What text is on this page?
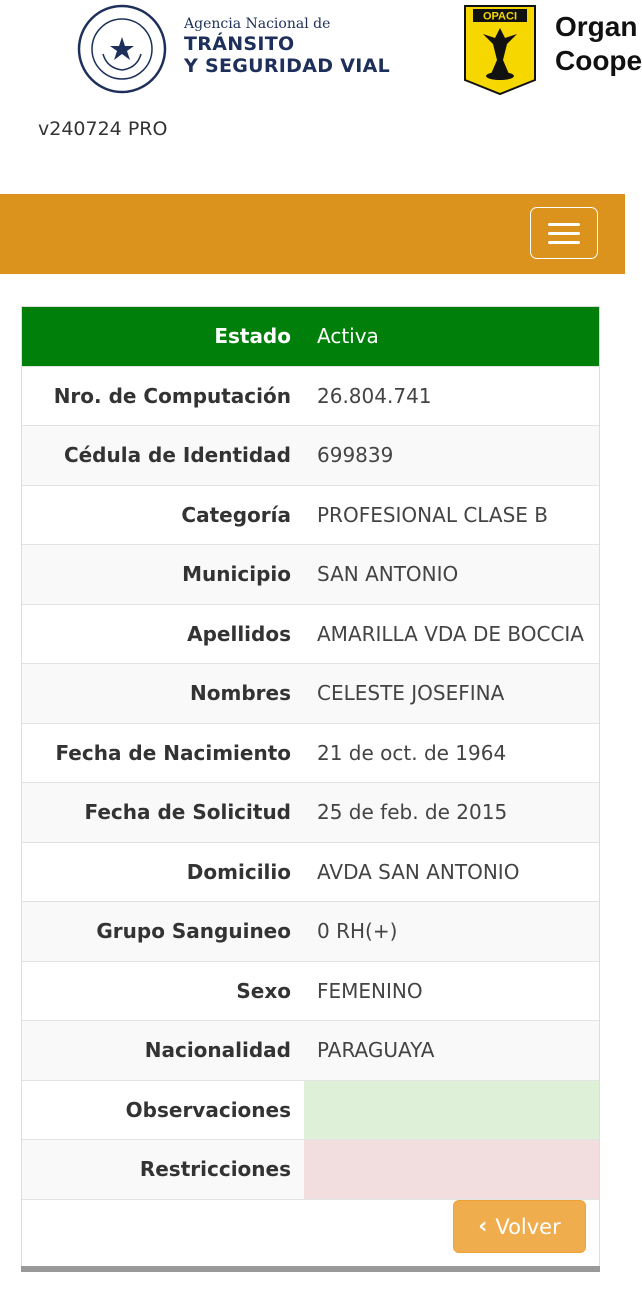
Agencia Nacional de
TRÁNSITO
Y SEGURIDAD VIAL
OPACI Organ
Coope
v240724 PRO
Estado	Activa
Nro. de Computación	26.804.741
Cédula de Identidad	699839
Categoría	PROFESIONAL CLASE B
Municipio	SAN ANTONIO
Apellidos	AMARILLA VDA DE BOCCIA
Nombres	CELESTE JOSEFINA
Fecha de Nacimiento	21 de oct. de 1964
Fecha de Solicitud	25 de feb. de 2015
Domicilio	AVDA SAN ANTONIO
Grupo Sanguineo	0 RH(+)
Sexo	FEMENINO
Nacionalidad	PARAGUAYA
Observaciones	
Restricciones	
‹ Volver
